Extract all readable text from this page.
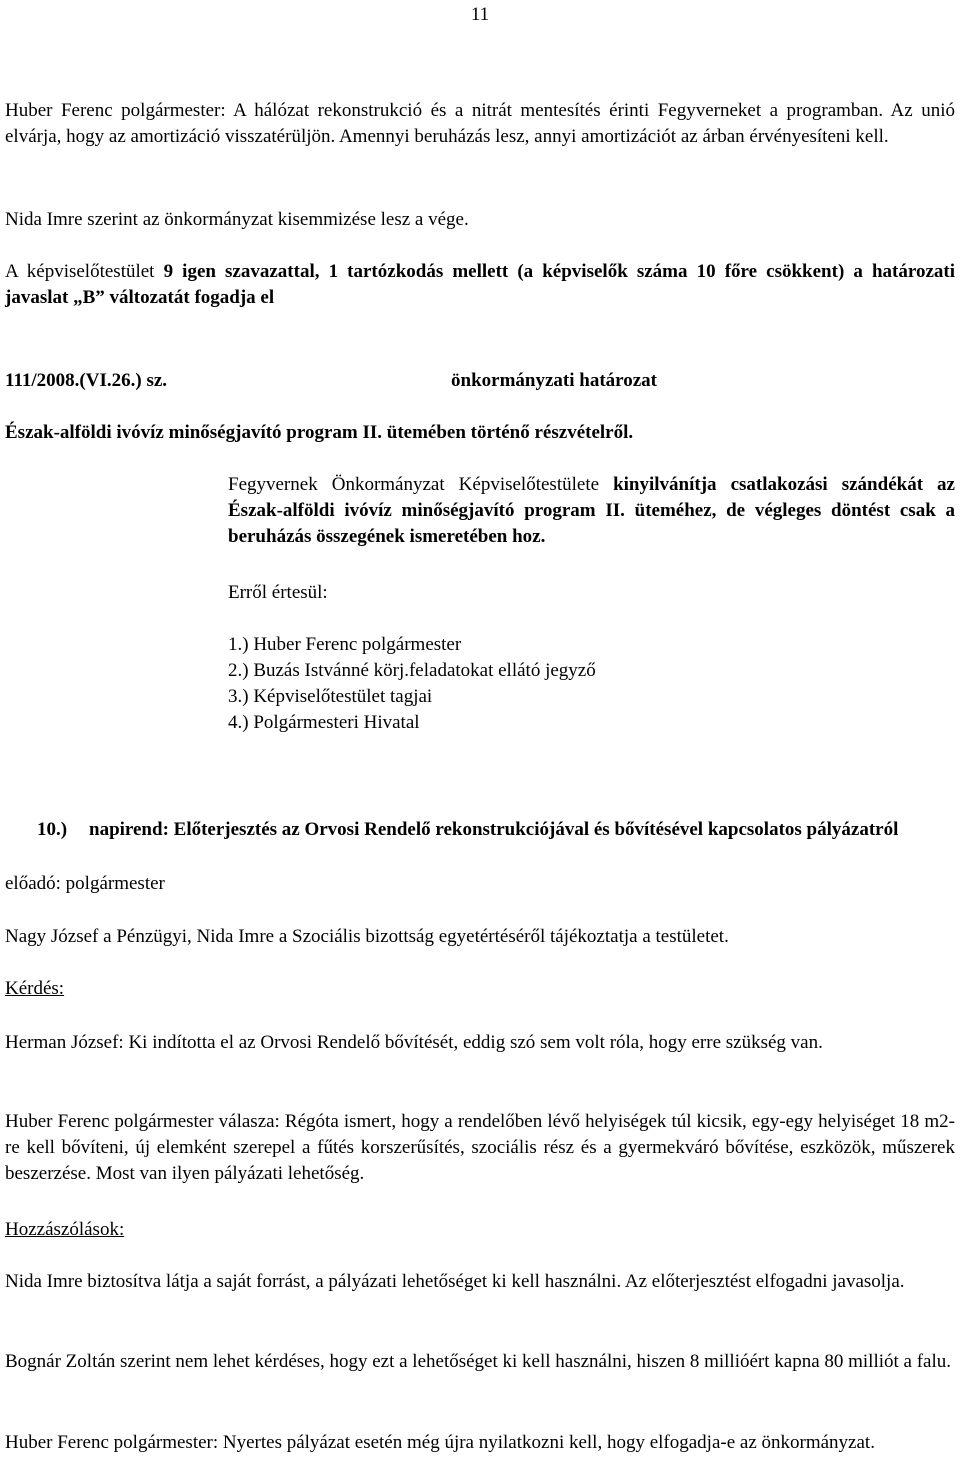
11

Huber Ferenc polgármester: A hálózat rekonstrukció és a nitrát mentesítés érinti Fegyverneket a programban. Az unió elvárja, hogy az amortizáció visszatérüljön. Amennyi beruházás lesz, annyi amortizációt az árban érvényesíteni kell.

Nida Imre szerint az önkormányzat kisemmizése lesz a vége.

A képviselőtestület 9 igen szavazattal, 1 tartózkodás mellett (a képviselők száma 10 főre csökkent) a határozati javaslat „B” változatát fogadja el

111/2008.(VI.26.) sz.	önkormányzati határozat
Észak-alföldi ivóvíz minőségjavító program II. ütemében történő részvételről.

Fegyvernek Önkormányzat Képviselőtestülete kinyilvánítja csatlakozási szándékát az Észak-alföldi ivóvíz minőségjavító program II. üteméhez, de végleges döntést csak a beruházás összegének ismeretében hoz.

Erről értesül:
1.) Huber Ferenc polgármester
2.) Buzás Istvánné körj.feladatokat ellátó jegyző
3.) Képviselőtestület tagjai
4.) Polgármesteri Hivatal
10.) napirend: Előterjesztés az Orvosi Rendelő rekonstrukciójával és bővítésével kapcsolatos pályázatról

előadó: polgármester
Nagy József a Pénzügyi, Nida Imre a Szociális bizottság egyetértéséről tájékoztatja a testületet.
Kérdés:

Herman József: Ki indította el az Orvosi Rendelő bővítését, eddig szó sem volt róla, hogy erre szükség van.

Huber Ferenc polgármester válasza: Régóta ismert, hogy a rendelőben lévő helyiségek túl kicsik, egy-egy helyiséget 18 m2-re kell bővíteni, új elemként szerepel a fűtés korszerűsítés, szociális rész és a gyermekváró bővítése, eszközök, műszerek beszerzése. Most van ilyen pályázati lehetőség.

Hozzászólások:

Nida Imre biztosítva látja a saját forrást, a pályázati lehetőséget ki kell használni. Az előterjesztést elfogadni javasolja.

Bognár Zoltán szerint nem lehet kérdéses, hogy ezt a lehetőséget ki kell használni, hiszen 8 millióért kapna 80 milliót a falu.

Huber Ferenc polgármester: Nyertes pályázat esetén még újra nyilatkozni kell, hogy elfogadja-e az önkormányzat.
